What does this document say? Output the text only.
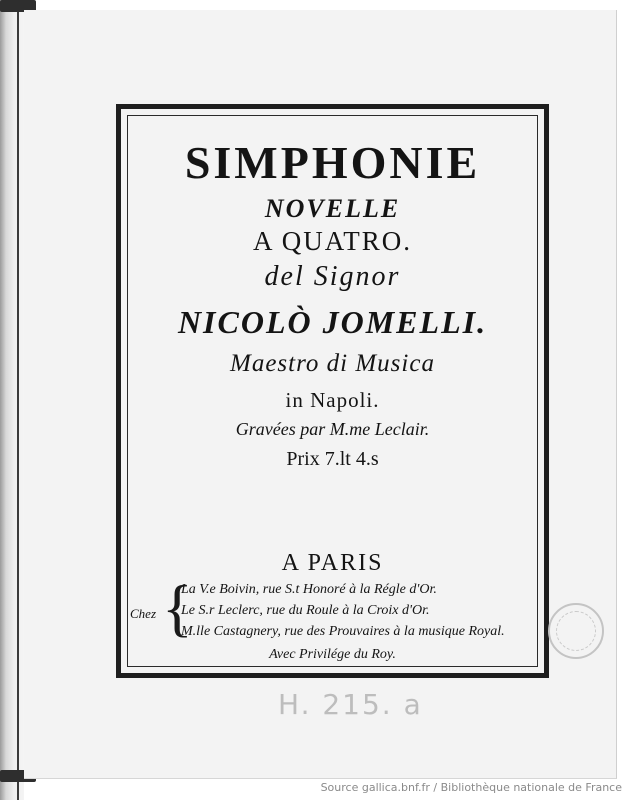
SIMPHONIE
NOVELLE
A QUATRO.
del Signor
NICOLÒ JOMELLI.
Maestro di Musica
in Napoli.
Gravées par M.me Leclair.
Prix 7.lt 4.s
A PARIS
Chez {
La V.e Boivin, rue S.t Honoré à la Régle d'Or.
Le S.r Leclerc, rue du Roule à la Croix d'Or.
M.lle Castagnery, rue des Prouvaires à la musique Royal.
Avec Privilége du Roy.
H. 215. a
Source gallica.bnf.fr / Bibliothèque nationale de France
